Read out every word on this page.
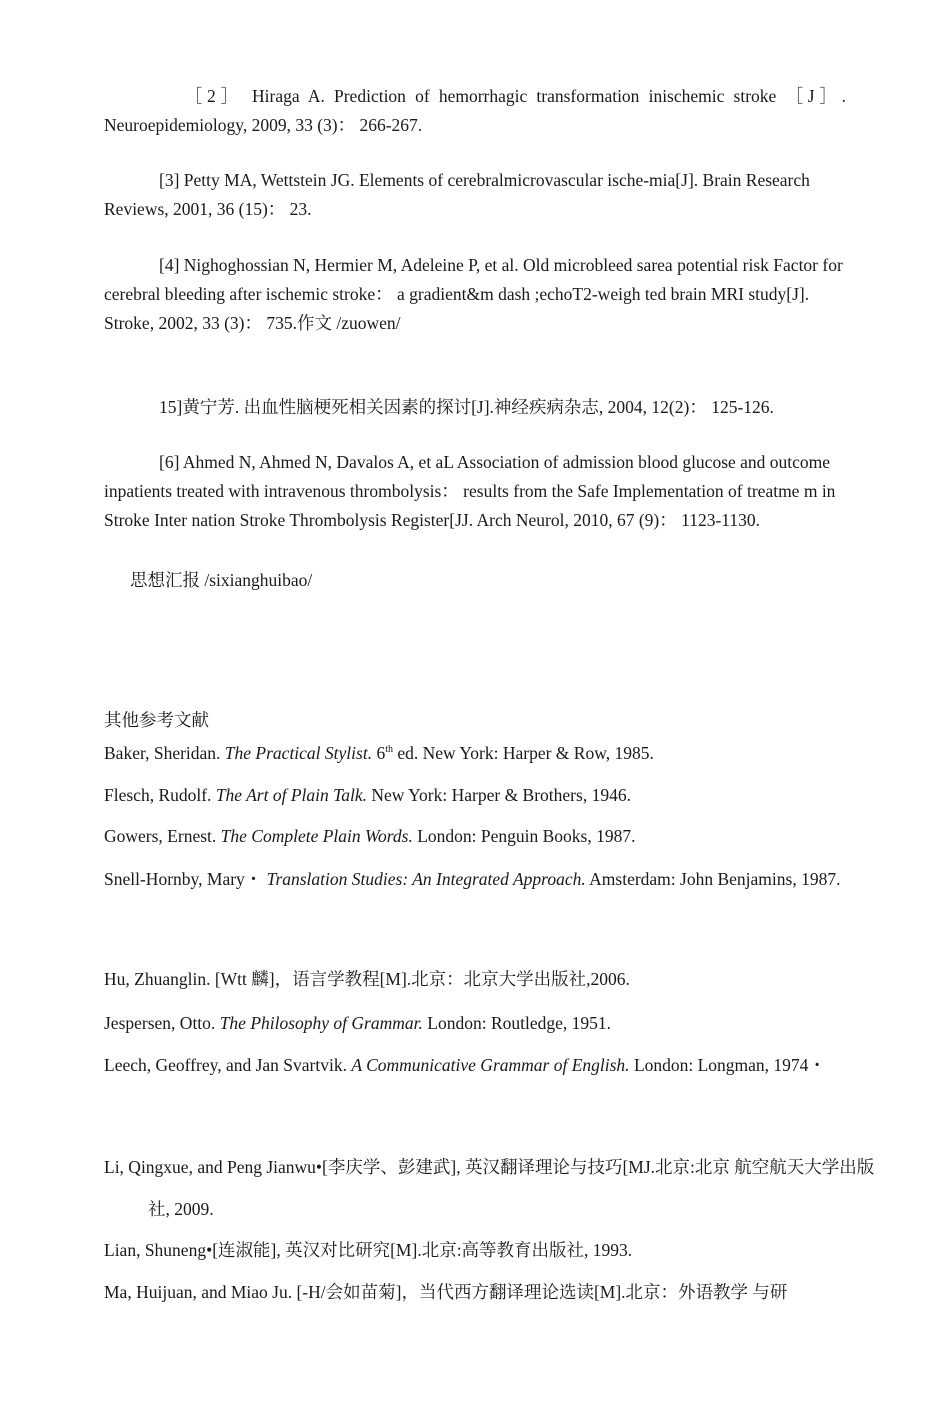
［2］ Hiraga A. Prediction of hemorrhagic transformation inischemic stroke ［J］. Neuroepidemiology, 2009, 33 (3)： 266-267.

[3] Petty MA, Wettstein JG. Elements of cerebralmicrovascular ische-mia[J]. Brain Research Reviews, 2001, 36 (15)： 23.

[4] Nighoghossian N, Hermier M, Adeleine P, et al. Old microbleed sarea potential risk Factor for cerebral bleeding after ischemic stroke： a gradient&m dash ;echoT2-weigh ted brain MRI study[J]. Stroke, 2002, 33 (3)： 735.作文 /zuowen/

15]黄宁芳. 出血性脑梗死相关因素的探讨[J].神经疾病杂志, 2004, 12(2)： 125-126.

[6] Ahmed N, Ahmed N, Davalos A, et aL Association of admission blood glucose and outcome inpatients treated with intravenous thrombolysis： results from the Safe Implementation of treatme m in Stroke Inter nation Stroke Thrombolysis Register[JJ. Arch Neurol, 2010, 67 (9)： 1123-1130.

思想汇报 /sixianghuibao/

其他参考文献

Baker, Sheridan. The Practical Stylist. 6th ed. New York: Harper & Row, 1985.

Flesch, Rudolf. The Art of Plain Talk. New York: Harper & Brothers, 1946.

Gowers, Ernest. The Complete Plain Words. London: Penguin Books, 1987.

Snell-Hornby, Mary・ Translation Studies: An Integrated Approach. Amsterdam: John Benjamins, 1987.

Hu, Zhuanglin. [Wtt 麟]，语言学教程[M].北京：北京大学出版社,2006.

Jespersen, Otto. The Philosophy of Grammar. London: Routledge, 1951.

Leech, Geoffrey, and Jan Svartvik. A Communicative Grammar of English. London: Longman, 1974・

Li, Qingxue, and Peng Jianwu•[李庆学、彭建武], 英汉翻译理论与技巧[MJ.北京:北京 航空航天大学出版社, 2009.

Lian, Shuneng•[连淑能], 英汉对比研究[M].北京:高等教育出版社, 1993.

Ma, Huijuan, and Miao Ju. [-H/会如苗菊]，当代西方翻译理论选读[M].北京：外语教学 与研
